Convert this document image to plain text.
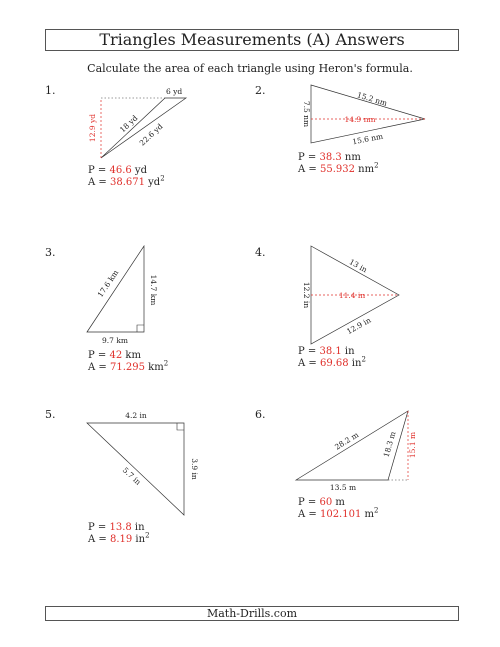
Triangles Measurements (A) Answers
Calculate the area of each triangle using Heron's formula.
1.	2.
3.	4.
5.	6.
6 yd
18 yd
22.6 yd
12.9 yd
15.2 nm
7.5 nm
15.6 nm
14.9 nm
17.6 km	14.7 km
9.7 km
13 in
12.2 in
12.9 in
11.4 in
4.2 in
5.7 in	3.9 in
28.2 m	18.3 m
13.5 m
15.1 m
P = 46.6 yd
A = 38.671 $yd^2$
P = 38.3 nm
A = 55.932 $nm^2$
P = 42 km
A = 71.295 $km^2$
P = 38.1 in
A = 69.68 $in^2$
P = 13.8 in
A = 8.19 $in^2$
P = 60 m
A = 102.101 $m^2$
Math-Drills.com
